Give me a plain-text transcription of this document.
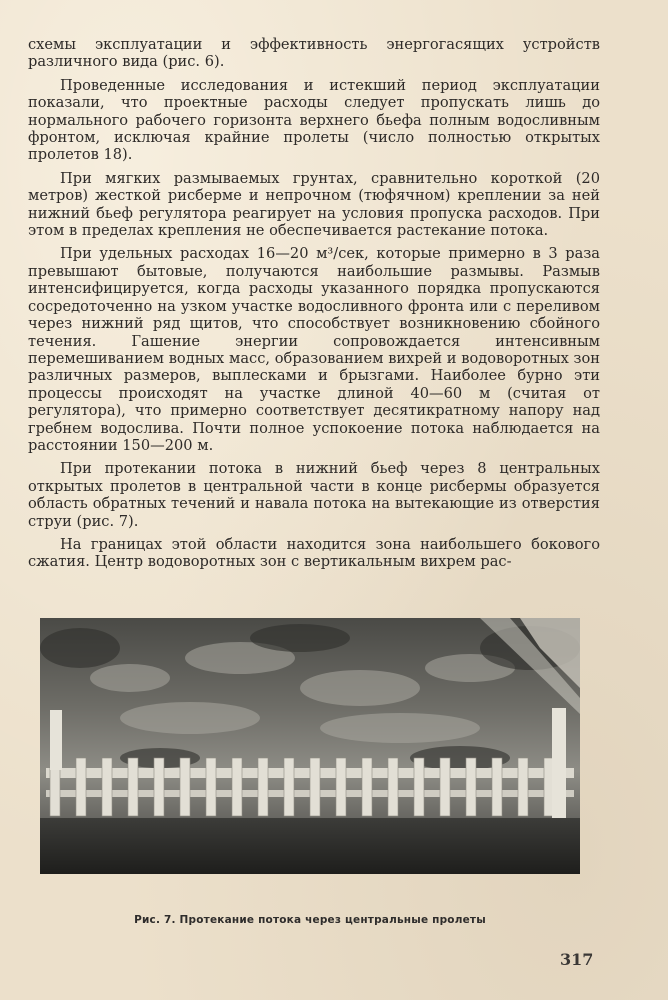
схемы эксплуатации и эффективность энергогасящих устройств различного вида (рис. 6).

Проведенные исследования и истекший период эксплуатации показали, что проектные расходы следует пропускать лишь до нормального рабочего горизонта верхнего бьефа полным водосливным фронтом, исключая крайние пролеты (число полностью открытых пролетов 18).

При мягких размываемых грунтах, сравнительно короткой (20 метров) жесткой рисберме и непрочном (тюфячном) креплении за ней нижний бьеф регулятора реагирует на условия пропуска расходов. При этом в пределах крепления не обеспечивается растекание потока.

При удельных расходах 16—20 м³/сек, которые примерно в 3 раза превышают бытовые, получаются наибольшие размывы. Размыв интенсифицируется, когда расходы указанного порядка пропускаются сосредоточенно на узком участке водосливного фронта или с переливом через нижний ряд щитов, что способствует возникновению сбойного течения. Гашение энергии сопровождается интенсивным перемешиванием водных масс, образованием вихрей и водоворотных зон различных размеров, выплесками и брызгами. Наиболее бурно эти процессы происходят на участке длиной 40—60 м (считая от регулятора), что примерно соответствует десятикратному напору над гребнем водослива. Почти полное успокоение потока наблюдается на расстоянии 150—200 м.

При протекании потока в нижний бьеф через 8 центральных открытых пролетов в центральной части в конце рисбермы образуется область обратных течений и навала потока на вытекающие из отверстия струи (рис. 7).

На границах этой области находится зона наибольшего бокового сжатия. Центр водоворотных зон с вертикальным вихрем рас-

Рис. 7. Протекание потока через центральные пролеты
317
